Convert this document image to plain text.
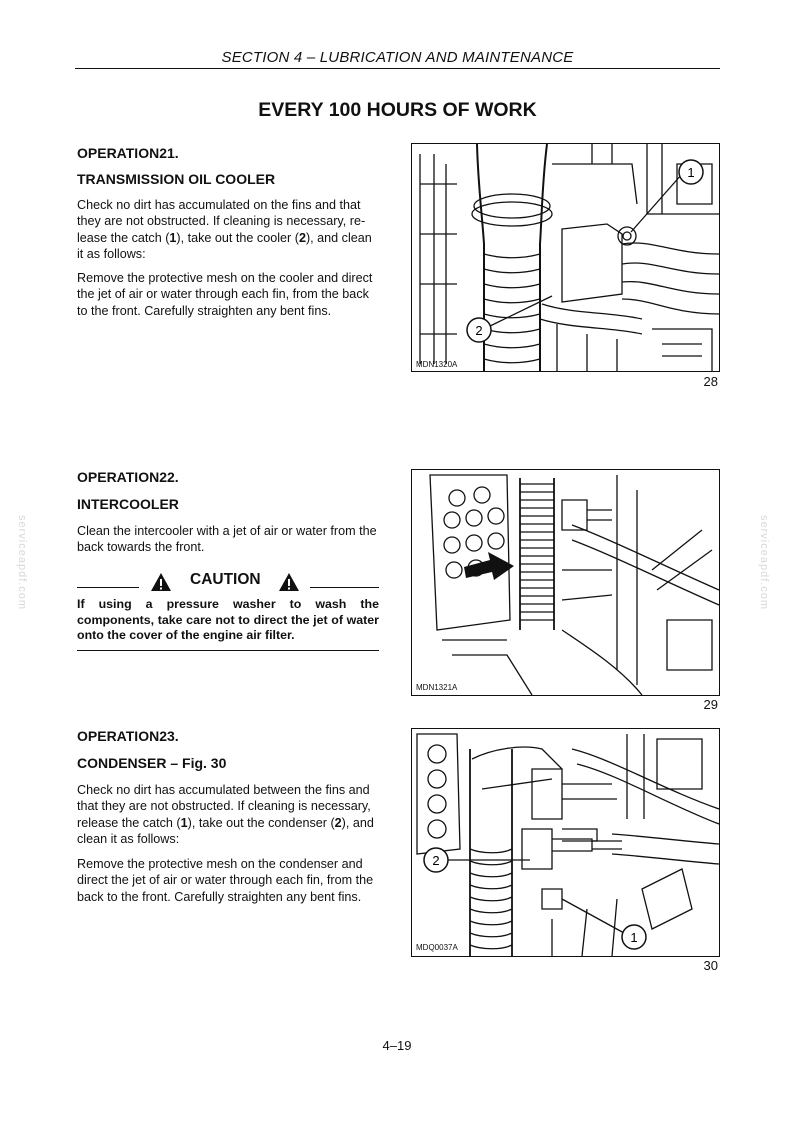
SECTION 4 – LUBRICATION AND MAINTENANCE
EVERY 100 HOURS OF WORK
serviceapdf.com	serviceapdf.com
OPERATION21.
TRANSMISSION OIL COOLER
Check no dirt has accumulated on the fins and that they are not obstructed. If cleaning is necessary, re- lease the catch (1), take out the cooler (2), and clean it as follows:
Remove the protective mesh on the cooler and direct the jet of air or water through each fin, from the back to the front. Carefully straighten any bent fins.
1
2
MDN1320A
28
OPERATION22.
INTERCOOLER
Clean the intercooler with a jet of air or water from the back towards the front.
CAUTION
If using a pressure washer to wash the components, take care not to direct the jet of water onto the cover of the engine air filter.
MDN1321A
29
OPERATION23.
CONDENSER – Fig. 30
Check no dirt has accumulated between the fins and that they are not obstructed. If cleaning is necessary, release the catch (1), take out the condenser (2), and clean it as follows:
Remove the protective mesh on the condenser and direct the jet of air or water through each fin, from the back to the front. Carefully straighten any bent fins.
2
1
MDQ0037A
30
4–19
